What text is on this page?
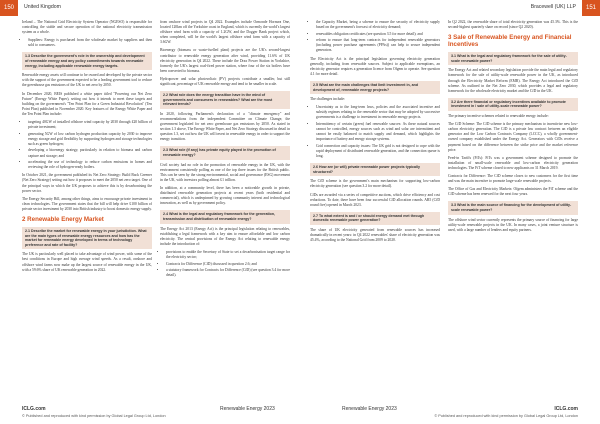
150	United Kingdom	Bracewell (UK) LLP	151

Ireland – The National Grid Electricity System Operator (NGESO) is responsible for controlling the stable and secure operation of the national electricity transmission system as a whole.

• Suppliers: Energy is purchased from the wholesale market by suppliers and then sold to consumers.
1.3 Describe the government's role in the ownership and development of renewable energy and any policy commitments towards renewable energy, including applicable renewable energy targets.

Renewable energy assets will continue to be owned and developed by the private sector with the support of the government expected to be a leading government tool to reduce the greenhouse gas emissions of the UK to net zero by 2050.

In December 2020, BEIS published a white paper titled "Powering our Net Zero Future" (Energy White Paper), setting out how it intends to meet these targets and building on the government's "Ten Point Plan for a Green Industrial Revolution" (Ten Point Plan) published in November 2020. Key features of the Energy White Paper and the Ten Point Plan include:

• targeting 40GW of installed offshore wind capacity by 2030 through £20 billion of private investment;
• generating 5GW of low carbon hydrogen production capacity by 2030 to improve energy storage and grid flexibility by supporting hydrogen and storage technologies such as green hydrogen;
• developing a bioenergy strategy, particularly in relation to biomass and carbon capture and storage; and
• accelerating the use of technology to reduce carbon emissions in homes and reviewing the role of hydrogen-ready boilers.

In October 2021, the government published its Net Zero Strategy: Build Back Greener (Net Zero Strategy) setting out how it proposes to meet the 2050 net zero target. One of the principal ways in which the UK proposes to achieve this is by decarbonising the power sector.

The Energy Security Bill, among other things, aims to encourage private investment in clean technologies. The government states that the bill will help drive £100 billion of private sector investment by 2030 into British industry to boost domestic energy supply.

2 Renewable Energy Market
2.1 Describe the market for renewable energy in your jurisdiction. What are the main types of renewable energy resources and how has the market for renewable energy developed in terms of technology preference and rate of facility?

The UK is particularly well placed to take advantage of wind power, with some of the best conditions in Europe and high average wind speeds. As a result, onshore and offshore wind farms now make up the largest source of renewable energy in the UK, with a 59.6% share of UK renewable generation in 2022.

from onshore wind projects in Q4 2022. Examples include Ormonde Hornsea One, located 120km off the Yorkshire coast in England, which is currently the world's largest offshore wind farm with a capacity of 1.2GW, and the Dogger Bank project which, when completed, will be the world's largest offshore wind farm with a capacity of 3.6GW.

Bioenergy (biomass or waste-fuelled plant) projects are the UK's second-largest contributor to renewable energy generation after wind, providing 11.6% of UK electricity generation in Q4 2022. These include the Drax Power Station in Yorkshire, formerly the UK's largest coal-fired power station, where four of the six boilers have been converted to biomass.

Hydropower and solar photovoltaic (PV) projects contribute a smaller, but still significant, percentage of UK renewable energy and tend to be smaller in scale.

2.2 What role does the energy transition have in the mind of governments and consumers in renewables? What are the most relevant trends?

In 2020, following Parliament's declaration of a "climate emergency" and recommendations from the independent Committee on Climate Change, the government legislated for net zero greenhouse gas emissions by 2050. As stated in section 1.3 above, The Energy White Paper, and Net Zero Strategy discussed in detail in question 1.3, set out how the UK will invest in renewable energy in order to support the energy transition.

2.3 What role (if any) has private equity played in the promotion of renewable energy?

Civil society had no role in the promotion of renewable energy in the UK, with the environment consistently polling as one of the top three issues for the British public. This can be seen by the strong environmental, social and governance (ESG) movement in the UK, with investors polling almost £1 trillion.

In addition, at a community level, there has been a noticeable growth in private, distributed renewable generation projects at recent years (both residential and commercial), which is underpinned by growing community interest and technological innovation, as well as by government policy.

2.4 What is the legal and regulatory framework for the generation, transmission and distribution of renewable energy?

The Energy Act 2013 (Energy Act) is the principal legislation relating to renewables, establishing a legal framework with a key aim to ensure affordable and low carbon electricity. The central provisions of the Energy Act relating to renewable energy include the introduction of:

• provisions to enable the Secretary of State to set a decarbonisation target range for the electricity sector;
• Contracts for Difference (CfD) discussed in question 2.6; and
• a statutory framework for Contracts for Difference (CfD) (see question 3.4 for more detail).
• the Capacity Market, being a scheme to ensure the security of electricity supply based on the government's forecast of electricity demand;
• renewables obligation certificates (see question 3.5 for more detail); and
• reform to ensure that long-term contracts for independent renewable generators (including power purchase agreements (PPAs)) can help to secure independent generators.

The Electricity Act is the principal legislation governing electricity generation generally, including from renewable sources. Subject to applicable exemptions, an electricity generator requires a generation licence from Ofgem to operate. See question 4.1 for more detail.

2.5 What are the main challenges that limit investment in, and development of, renewable energy projects?

The challenges include:

• Uncertainty as to the long-term laws, policies and the associated incentive and subsidy regimes relating to the renewable sector that may be adopted by successive governments is a challenge to investment in renewable energy projects.
• Intermittency of certain (green) fuel renewable sources: As these natural sources cannot be controlled, energy sources such as wind and solar are intermittent and cannot be easily balanced to match supply and demand, which highlights the importance of battery and energy storage systems.
• Grid connection and capacity issues: The UK grid is not designed to cope with the rapid deployment of distributed renewable generation, and the connection queue is long.
2.6 How are (or will) private renewable power projects typically structured?

The CfD scheme is the government's main mechanism for supporting low-carbon electricity generation (see question 3.2 for more detail).

CfDs are awarded via a series of competitive auctions, which drive efficiency and cost reductions. To date, there have been four successful CfD allocation rounds. AR5 (CfD round five) opened in March 2023.

2.7 To what extent is and / or should energy demand met through domestic renewable power generation?

The share of UK electricity generated from renewable sources has increased dramatically in recent years: in Q4 2022 renewables' share of electricity generation was 45.4%, according to the National Grid from 2009 to 2020.

In Q2 2022, the renewable share of total electricity generation was 45.3%. This is the second-highest quarterly share on record (since Q2 2020).

3 Sale of Renewable Energy and Financial Incentives
3.1 What is the legal and regulatory framework for the sale of utility-scale renewable power?

The Energy Act and related secondary legislation provide the main legal and regulatory framework for the sale of utility-scale renewable power in the UK, as introduced through the Electricity Market Reform (EMR). The Energy Act introduced the CfD scheme. As outlined in the Net Zero 2030, which provides a legal and regulatory framework for the wholesale electricity market and the CfD in the UK.

3.2 Are there financial or regulatory incentives available to promote investment in / sale of utility-scale renewable power?

The primary incentive schemes related to renewable energy include:

The CfD Scheme: The CfD scheme is the primary mechanism to incentivise new low-carbon electricity generation. The CfD is a private law contract between an eligible generator and the Low Carbon Contracts Company (LCCC), a wholly government-owned company established under the Energy Act. Generators with CfDs receive a payment based on the difference between the strike price and the market reference price.

Feed-in Tariffs (FiTs): FiTs was a government scheme designed to promote the installation of small-scale renewable and low-carbon electricity generation technologies. The FiT scheme closed to new applicants on 31 March 2019.

Contracts for Difference: The CfD scheme closes to new customers for the first time and was the main incentive to promote large-scale renewable projects.

The Office of Gas and Electricity Markets: Ofgem administers the FiT scheme and the CfD scheme has been renewed for the next four years.

3.3 What is the main source of financing for the development of utility-scale renewable power?

The offshore wind sector currently represents the primary source of financing for large utility-scale renewable projects in the UK. In many cases, a joint venture structure is used, with a large number of lenders and equity partners.

ICLG.com	Renewable Energy 2023	Renewable Energy 2023	ICLG.com
© Published and reproduced with kind permission by Global Legal Group Ltd, London	© Published and reproduced with kind permission by Global Legal Group Ltd, London
